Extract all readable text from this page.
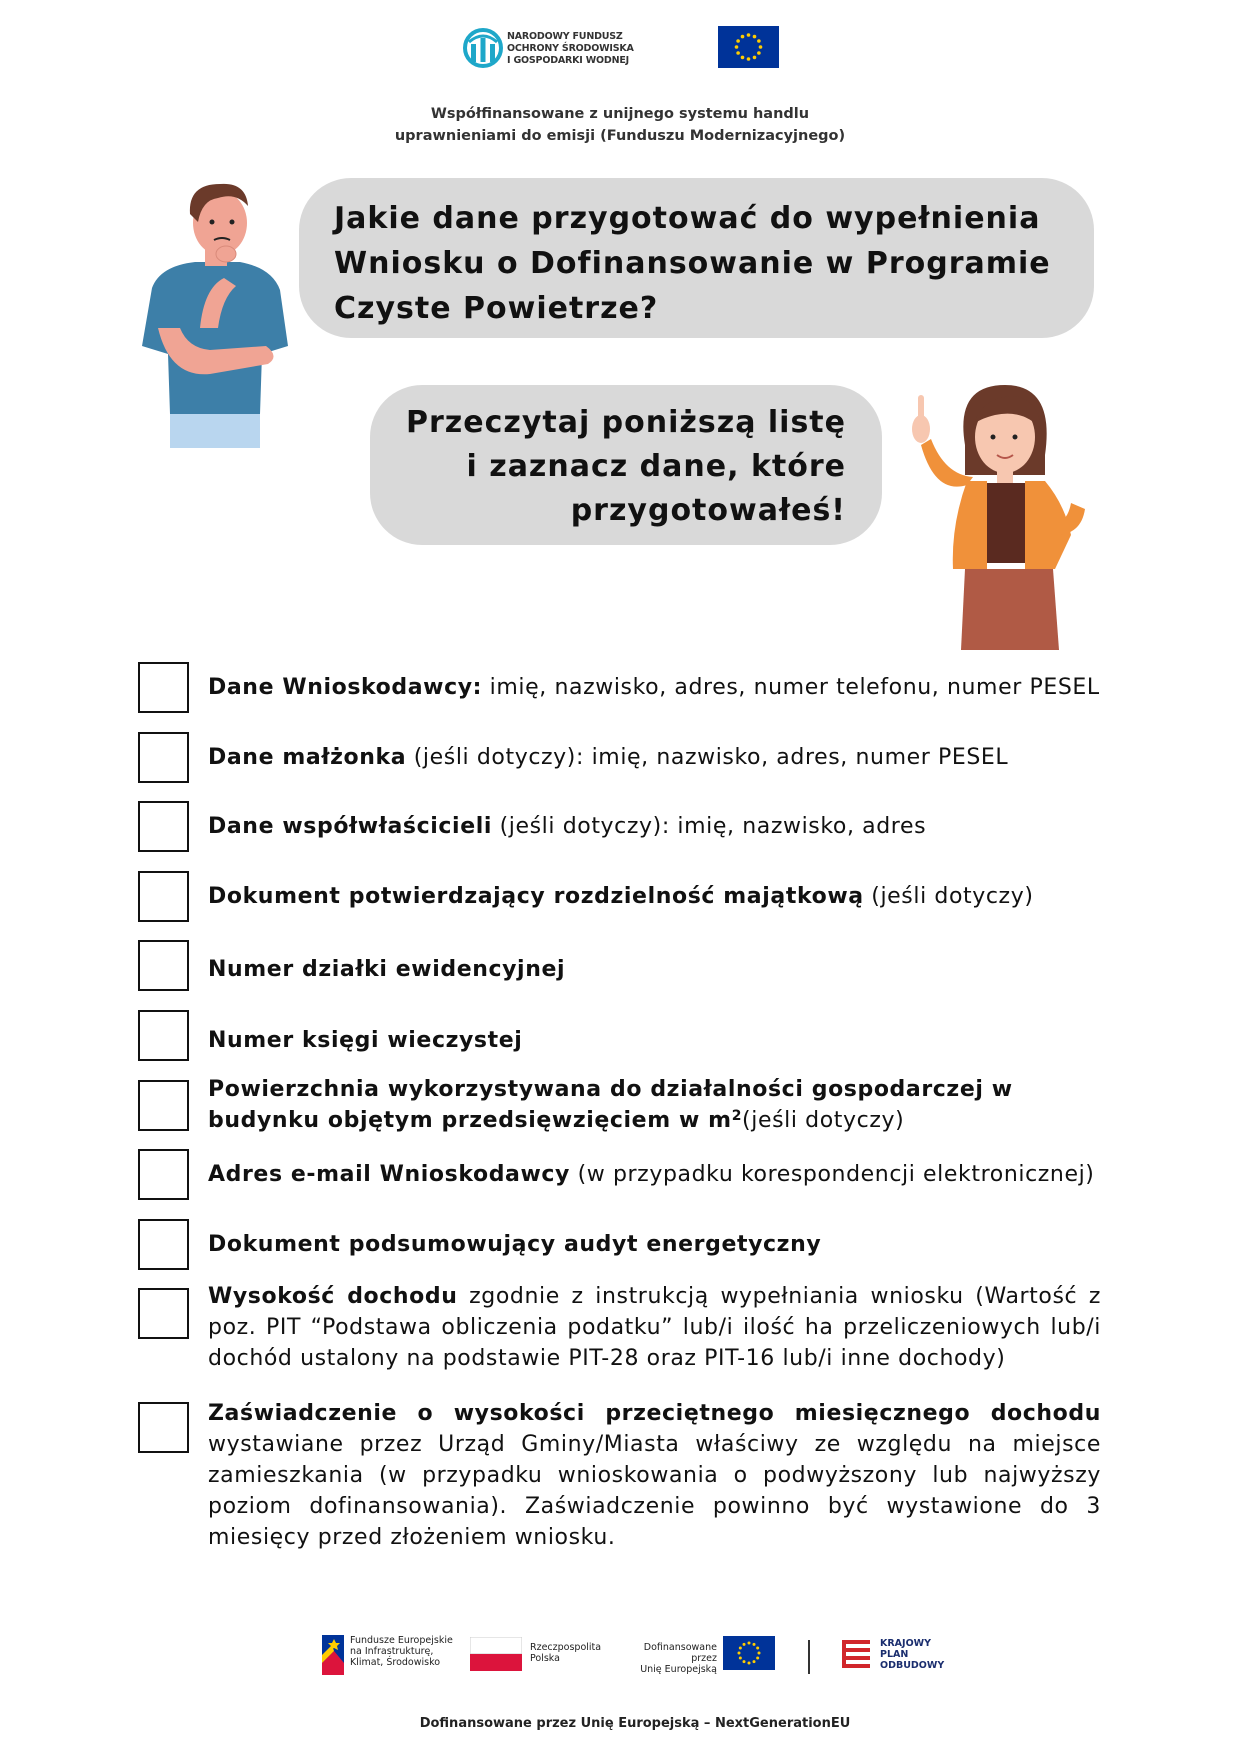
NARODOWY FUNDUSZ
OCHRONY ŚRODOWISKA
I GOSPODARKI WODNEJ
Współfinansowane z unijnego systemu handlu
uprawnieniami do emisji (Funduszu Modernizacyjnego)
Jakie dane przygotować do wypełnienia Wniosku o Dofinansowanie w Programie Czyste Powietrze?
Przeczytaj poniższą listę
i zaznacz dane, które
przygotowałeś!
Dane Wnioskodawcy: imię, nazwisko, adres, numer telefonu, numer PESEL
Dane małżonka (jeśli dotyczy): imię, nazwisko, adres, numer PESEL
Dane współwłaścicieli (jeśli dotyczy): imię, nazwisko, adres
Dokument potwierdzający rozdzielność majątkową (jeśli dotyczy)
Numer działki ewidencyjnej
Numer księgi wieczystej
Powierzchnia wykorzystywana do działalności gospodarczej w budynku objętym przedsięwzięciem w $m^2(jeśli$ dotyczy)
Adres e-mail Wnioskodawcy (w przypadku korespondencji elektronicznej)
Dokument podsumowujący audyt energetyczny
Wysokość dochodu zgodnie z instrukcją wypełniania wniosku (Wartość z poz. PIT “Podstawa obliczenia podatku” lub/i ilość ha przeliczeniowych lub/i dochód ustalony na podstawie PIT-28 oraz PIT-16 lub/i inne dochody)
Zaświadczenie o wysokości przeciętnego miesięcznego dochodu wystawiane przez Urząd Gminy/Miasta właściwy ze względu na miejsce zamieszkania (w przypadku wnioskowania o podwyższony lub najwyższy poziom dofinansowania). Zaświadczenie powinno być wystawione do 3 miesięcy przed złożeniem wniosku.
Fundusze Europejskie
na Infrastrukturę,
Klimat, Środowisko
Rzeczpospolita
Polska
Dofinansowane przez
Unię Europejską
KRAJOWY
PLAN
ODBUDOWY
Dofinansowane przez Unię Europejską – NextGenerationEU
